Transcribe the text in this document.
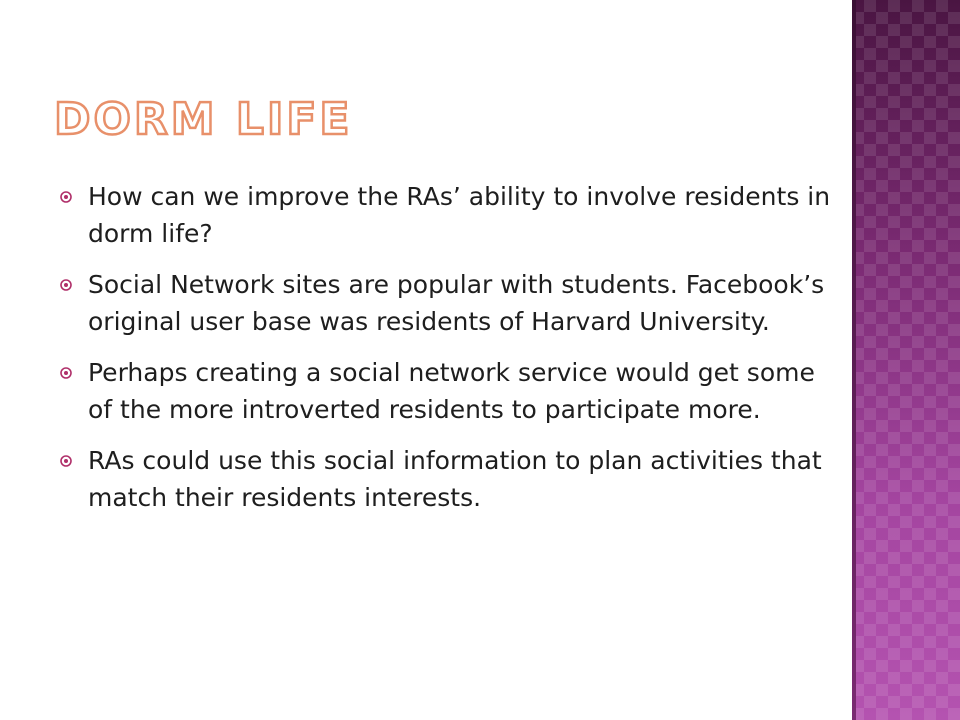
DORM LIFE
How can we improve the RAs’ ability to involve residents in dorm life?
Social Network sites are popular with students. Facebook’s original user base was residents of Harvard University.
Perhaps creating a social network service would get some of the more introverted residents to participate more.
RAs could use this social information to plan activities that match their residents interests.
